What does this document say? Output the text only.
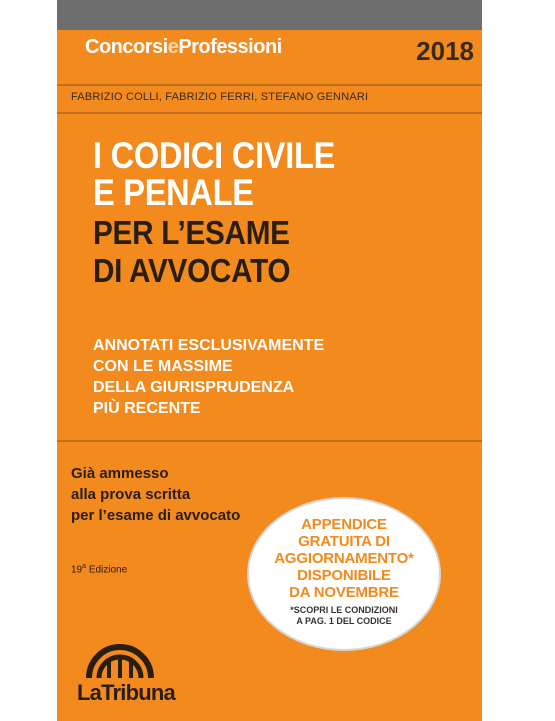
ConcorsieProfessioni	2018
FABRIZIO COLLI, FABRIZIO FERRI, STEFANO GENNARI
I CODICI CIVILE
E PENALE
PER L’ESAME
DI AVVOCATO
ANNOTATI ESCLUSIVAMENTE
CON LE MASSIME
DELLA GIURISPRUDENZA
PIÙ RECENTE
Già ammesso
alla prova scritta
per l’esame di avvocato
19$^a$ Edizione
LaTribuna
APPENDICE
GRATUITA DI
AGGIORNAMENTO*
DISPONIBILE
DA NOVEMBRE
*SCOPRI LE CONDIZIONI
A PAG. 1 DEL CODICE
